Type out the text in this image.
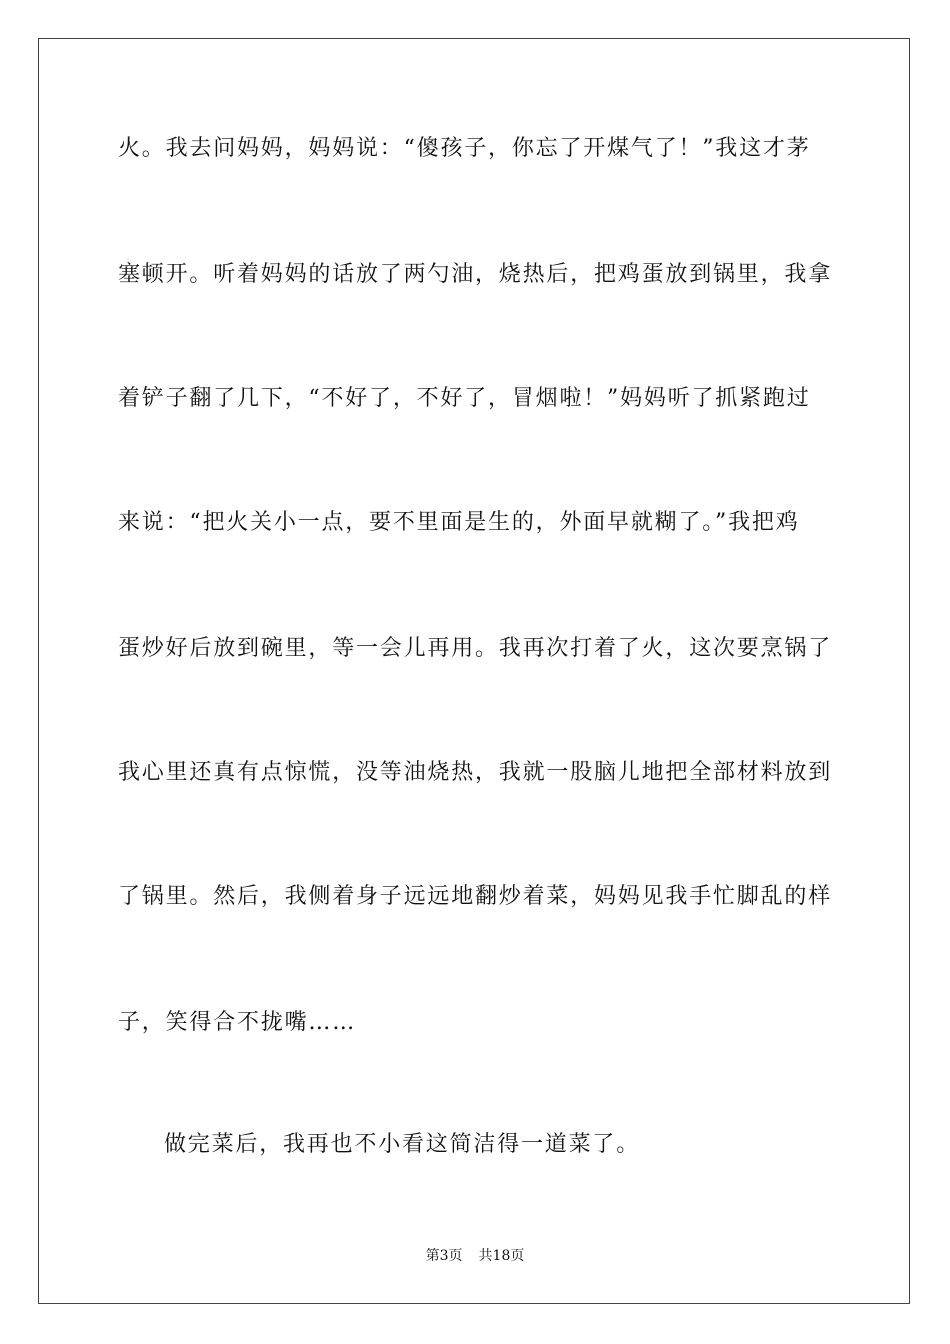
火。我去问妈妈，妈妈说：“傻孩子，你忘了开煤气了！”我这才茅
塞顿开。听着妈妈的话放了两勺油，烧热后，把鸡蛋放到锅里，我拿
着铲子翻了几下，“不好了，不好了，冒烟啦！”妈妈听了抓紧跑过
来说：“把火关小一点，要不里面是生的，外面早就糊了。”我把鸡
蛋炒好后放到碗里，等一会儿再用。我再次打着了火，这次要烹锅了
我心里还真有点惊慌，没等油烧热，我就一股脑儿地把全部材料放到
了锅里。然后，我侧着身子远远地翻炒着菜，妈妈见我手忙脚乱的样
子，笑得合不拢嘴……
做完菜后，我再也不小看这简洁得一道菜了。
第3页 共18页
